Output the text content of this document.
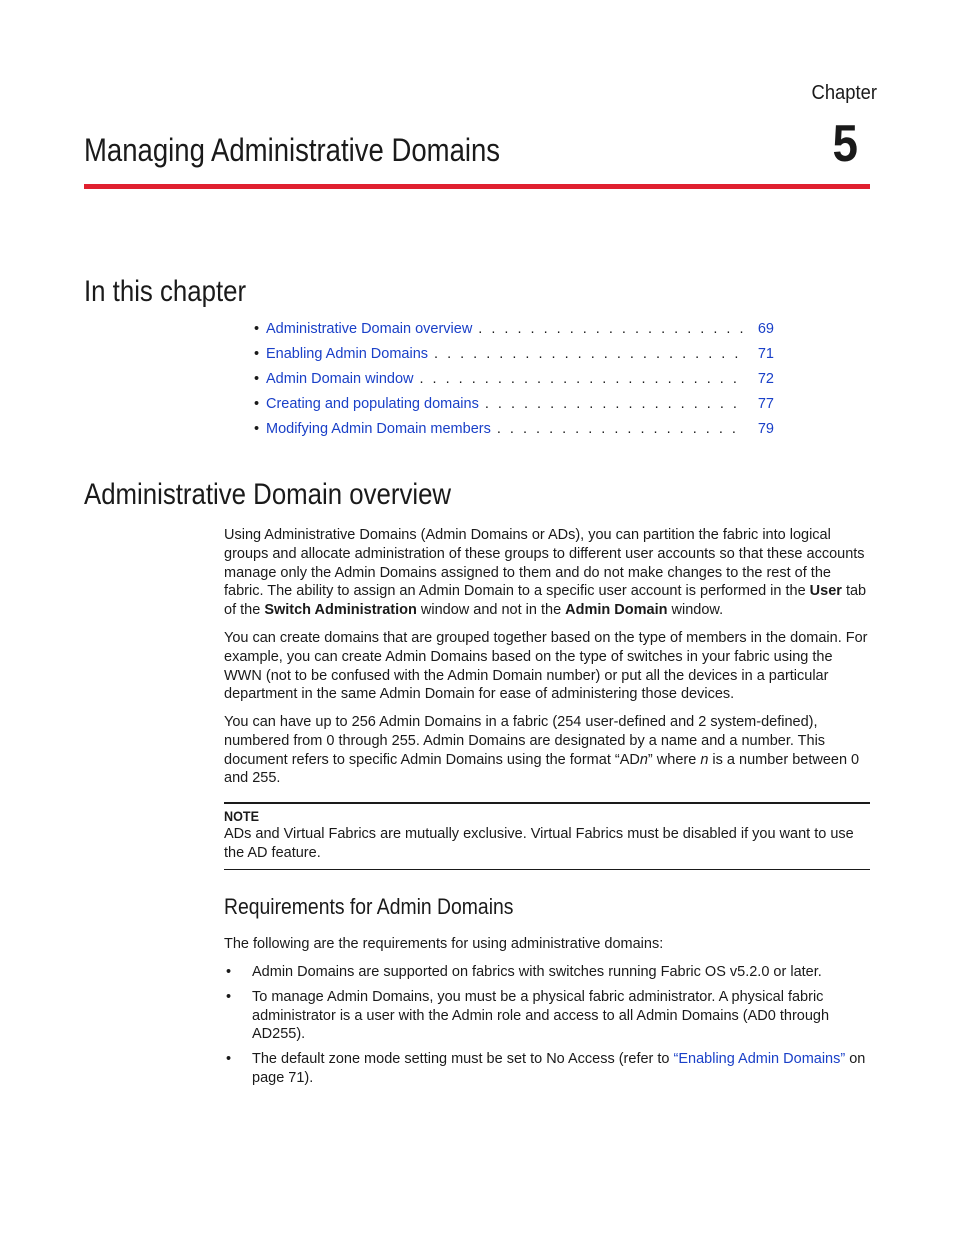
Chapter
5
Managing Administrative Domains
In this chapter
• Administrative Domain overview . . .	69
• Enabling Admin Domains . . .	71
• Admin Domain window . . .	72
• Creating and populating domains . . .	77
• Modifying Admin Domain members . . .	79
Administrative Domain overview
Using Administrative Domains (Admin Domains or ADs), you can partition the fabric into logical groups and allocate administration of these groups to different user accounts so that these accounts manage only the Admin Domains assigned to them and do not make changes to the rest of the fabric. The ability to assign an Admin Domain to a specific user account is performed in the User tab of the Switch Administration window and not in the Admin Domain window.
You can create domains that are grouped together based on the type of members in the domain. For example, you can create Admin Domains based on the type of switches in your fabric using the WWN (not to be confused with the Admin Domain number) or put all the devices in a particular department in the same Admin Domain for ease of administering those devices.
You can have up to 256 Admin Domains in a fabric (254 user-defined and 2 system-defined), numbered from 0 through 255. Admin Domains are designated by a name and a number. This document refers to specific Admin Domains using the format “ADn” where n is a number between 0 and 255.
NOTE
ADs and Virtual Fabrics are mutually exclusive. Virtual Fabrics must be disabled if you want to use the AD feature.
Requirements for Admin Domains
The following are the requirements for using administrative domains:
• Admin Domains are supported on fabrics with switches running Fabric OS v5.2.0 or later.
• To manage Admin Domains, you must be a physical fabric administrator. A physical fabric administrator is a user with the Admin role and access to all Admin Domains (AD0 through AD255).
• The default zone mode setting must be set to No Access (refer to “Enabling Admin Domains” on page 71).
